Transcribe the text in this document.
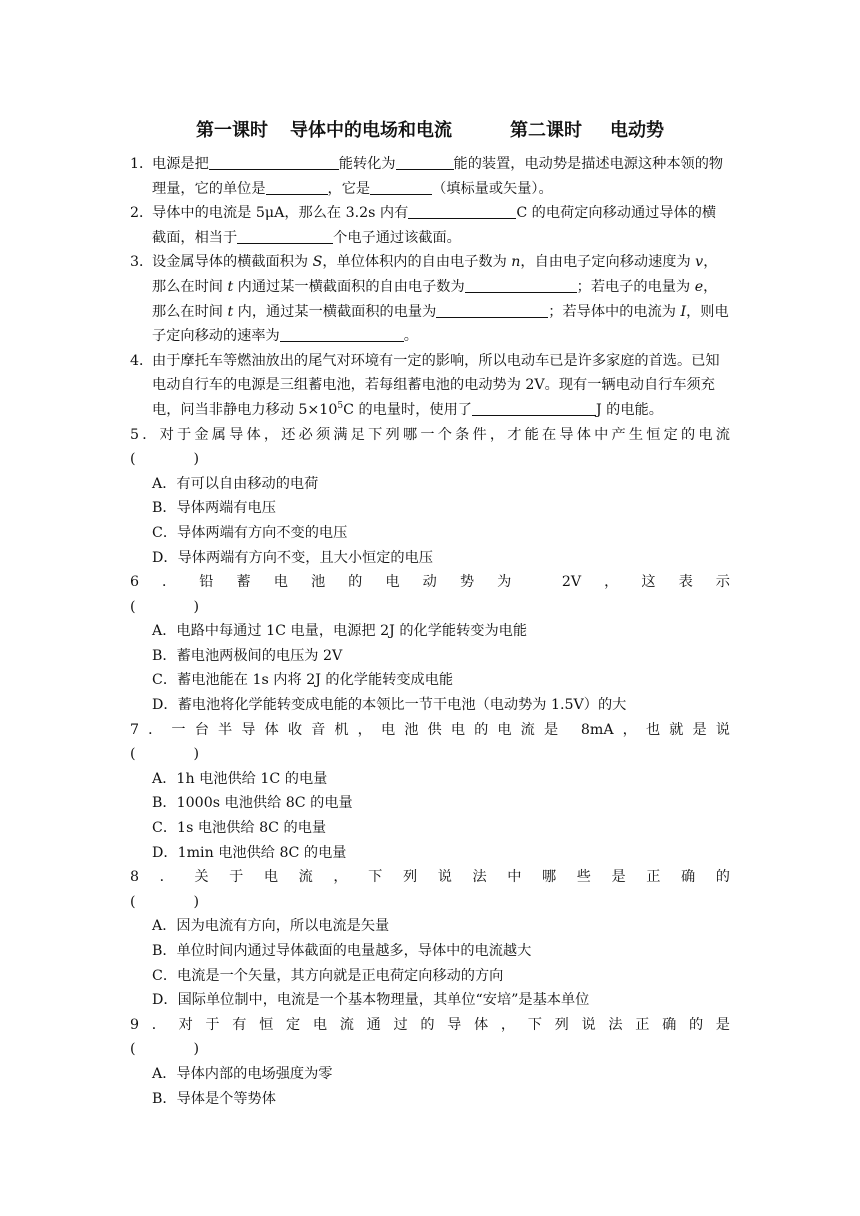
第一课时 导体中的电场和电流	第二课时 电动势
1．电源是把	能转化为	能的装置，电动势是描述电源这种本领的物理量，它的单位是	，它是	（填标量或矢量）。
2．导体中的电流是 5μA，那么在 3.2s 内有	C 的电荷定向移动通过导体的横截面，相当于	个电子通过该截面。
3．设金属导体的横截面积为 S，单位体积内的自由电子数为 n，自由电子定向移动速度为 v，那么在时间 t 内通过某一横截面积的自由电子数为	；若电子的电量为 e，那么在时间 t 内，通过某一横截面积的电量为	；若导体中的电流为 I，则电子定向移动的速率为	。
4．由于摩托车等燃油放出的尾气对环境有一定的影响，所以电动车已是许多家庭的首选。已知电动自行车的电源是三组蓄电池，若每组蓄电池的电动势为 2V。现有一辆电动自行车须充电，问当非静电力移动 $5\times 10^5C$ 的电量时，使用了	J 的电能。
5．对于金属导体，还必须满足下列哪一个条件，才能在导体中产生恒定的电流
(	)
A．有可以自由移动的电荷
B．导体两端有电压
C．导体两端有方向不变的电压
D．导体两端有方向不变，且大小恒定的电压
6．铅蓄电池的电动势为 2V，这表示
(	)
A．电路中每通过 1C 电量，电源把 2J 的化学能转变为电能
B．蓄电池两极间的电压为 2V
C．蓄电池能在 1s 内将 2J 的化学能转变成电能
D．蓄电池将化学能转变成电能的本领比一节干电池（电动势为 1.5V）的大
7．一台半导体收音机，电池供电的电流是 8mA，也就是说
(	)
A．1h 电池供给 1C 的电量
B．1000s 电池供给 8C 的电量
C．1s 电池供给 8C 的电量
D．1min 电池供给 8C 的电量
8．关于电流，下列说法中哪些是正确的
(	)
A．因为电流有方向，所以电流是矢量
B．单位时间内通过导体截面的电量越多，导体中的电流越大
C．电流是一个矢量，其方向就是正电荷定向移动的方向
D．国际单位制中，电流是一个基本物理量，其单位“安培”是基本单位
9．对于有恒定电流通过的导体，下列说法正确的是
(	)
A．导体内部的电场强度为零
B．导体是个等势体
